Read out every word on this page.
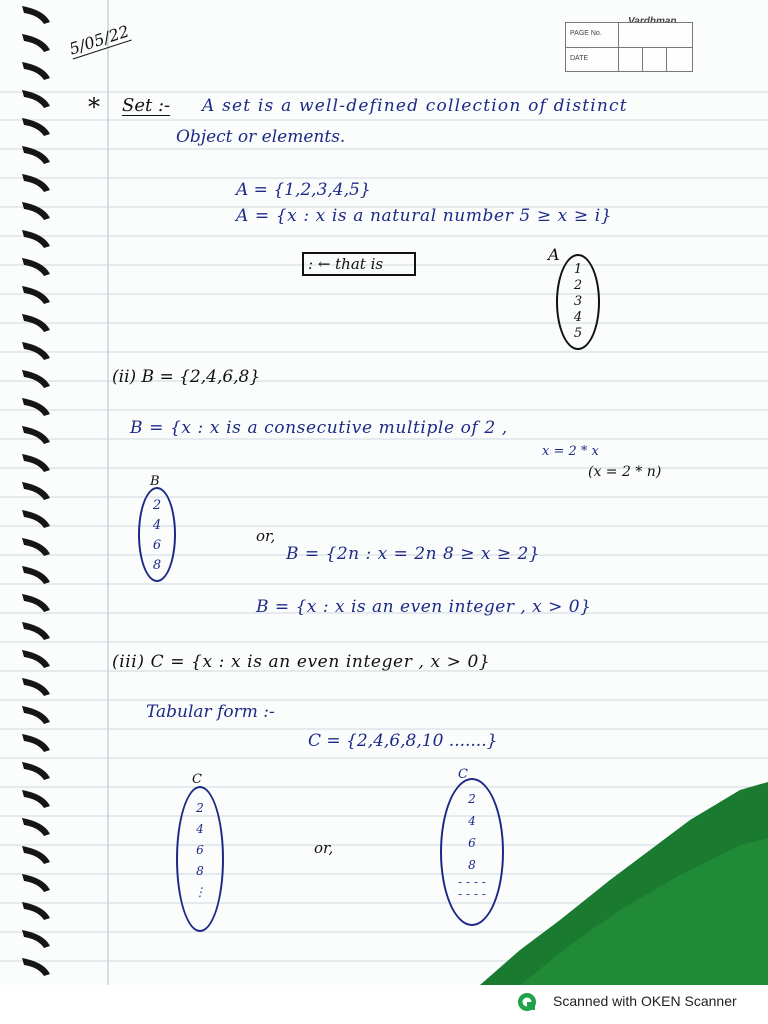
PAGE No.
DATE
5/05/22
* Set :- A set is a well-defined collection of distinct
Object or elements.
A = {1,2,3,4,5}
A = {x : x is a natural number 5 ≥ x ≥ i}
: ← that is	A
1
2
3
4
5
(ii) B = {2,4,6,8}
B = {x : x is a consecutive multiple of 2 ,
x = 2 * x
(x = 2 * n)
B
2
4
6
8
or,
B = {2n : x = 2n 8 ≥ x ≥ 2}
B = {x : x is an even integer , x > 0}
(iii) C = {x : x is an even integer , x > 0}
Tabular form :-
C = {2,4,6,8,10 .......}
C
2
4
6
8
⋮
or,
C
2
4
6
8
- - - -
- - - -
Scanned with OKEN Scanner
